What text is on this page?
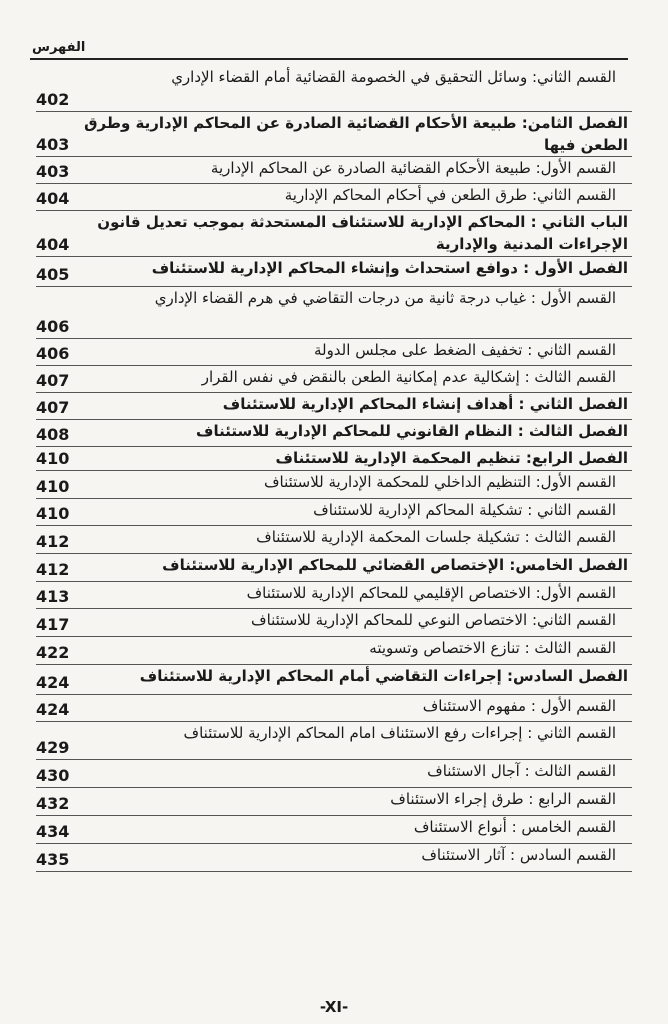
الفهرس
القسم الثاني: وسائل التحقيق في الخصومة القضائية أمام القضاء الإداري
402
الفصل الثامن: طبيعة الأحكام القضائية الصادرة عن المحاكم الإدارية وطرق الطعن فيها
403
القسم الأول: طبيعة الأحكام القضائية الصادرة عن المحاكم الإدارية
403
القسم الثاني: طرق الطعن في أحكام المحاكم الإدارية
404
الباب الثاني : المحاكم الإدارية للاستئناف المستحدثة بموجب تعديل قانون الإجراءات المدنية والإدارية
404
الفصل الأول : دوافع استحداث وإنشاء المحاكم الإدارية للاستئناف
405
القسم الأول : غياب درجة ثانية من درجات التقاضي في هرم القضاء الإداري
406
القسم الثاني : تخفيف الضغط على مجلس الدولة
406
القسم الثالث : إشكالية عدم إمكانية الطعن بالنقض في نفس القرار
407
الفصل الثاني : أهداف إنشاء المحاكم الإدارية للاستئناف
407
الفصل الثالث : النظام القانوني للمحاكم الإدارية للاستئناف
408
الفصل الرابع: تنظيم المحكمة الإدارية للاستئناف
410
القسم الأول: التنظيم الداخلي للمحكمة الإدارية للاستئناف
410
القسم الثاني : تشكيلة المحاكم الإدارية للاستئناف
410
القسم الثالث : تشكيلة جلسات المحكمة الإدارية للاستئناف
412
الفصل الخامس: الإختصاص القضائي للمحاكم الإدارية للاستئناف
412
القسم الأول: الاختصاص الإقليمي للمحاكم الإدارية للاستئناف
413
القسم الثاني: الاختصاص النوعي للمحاكم الإدارية للاستئناف
417
القسم الثالث : تنازع الاختصاص وتسويته
422
الفصل السادس: إجراءات التقاضي أمام المحاكم الإدارية للاستئناف
424
القسم الأول : مفهوم الاستئناف
424
القسم الثاني : إجراءات رفع الاستئناف امام المحاكم الإدارية للاستئناف
429
القسم الثالث : آجال الاستئناف
430
القسم الرابع : طرق إجراء الاستئناف
432
القسم الخامس : أنواع الاستئناف
434
القسم السادس : آثار الاستئناف
435
-XI-
